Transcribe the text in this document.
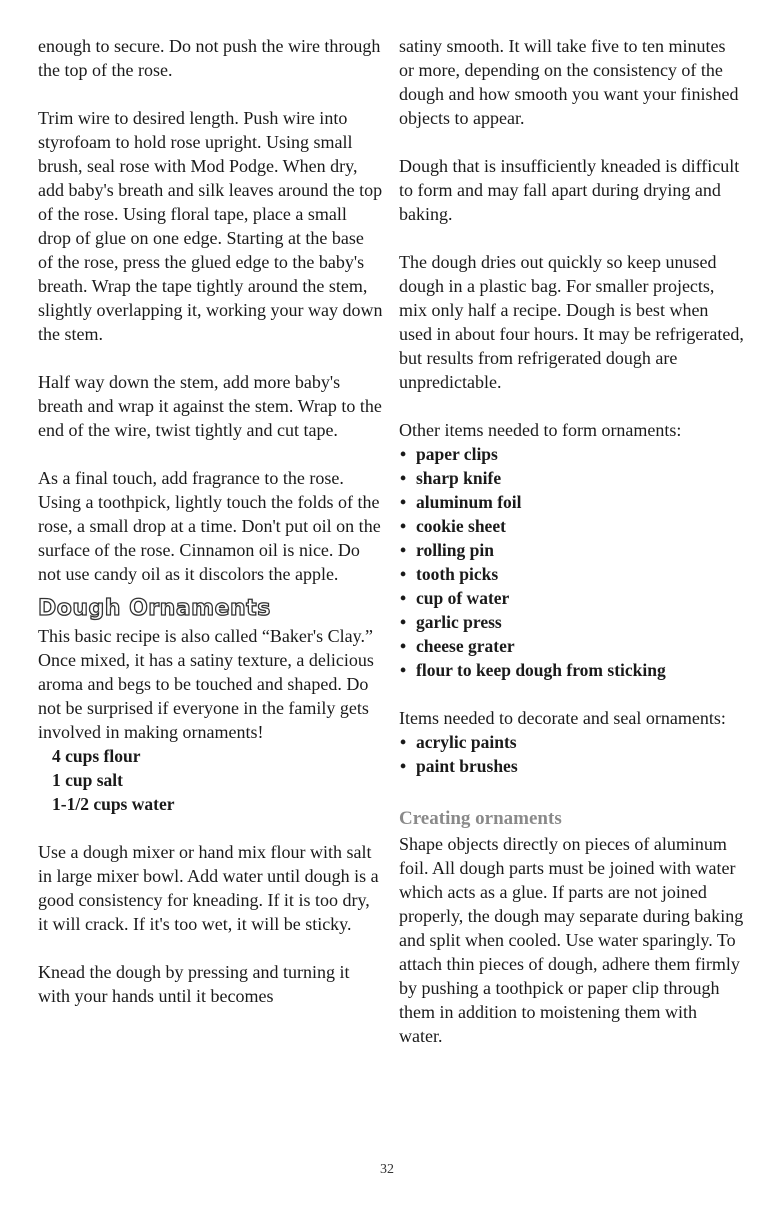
enough to secure. Do not push the wire through the top of the rose.

Trim wire to desired length. Push wire into styrofoam to hold rose upright. Using small brush, seal rose with Mod Podge. When dry, add baby's breath and silk leaves around the top of the rose. Using floral tape, place a small drop of glue on one edge. Starting at the base of the rose, press the glued edge to the baby's breath. Wrap the tape tightly around the stem, slightly overlapping it, working your way down the stem.

Half way down the stem, add more baby's breath and wrap it against the stem. Wrap to the end of the wire, twist tightly and cut tape.

As a final touch, add fragrance to the rose. Using a toothpick, lightly touch the folds of the rose, a small drop at a time. Don't put oil on the surface of the rose. Cinnamon oil is nice. Do not use candy oil as it discolors the apple.

Dough Ornaments

This basic recipe is also called “Baker's Clay.” Once mixed, it has a satiny texture, a delicious aroma and begs to be touched and shaped. Do not be surprised if everyone in the family gets involved in making ornaments!

4 cups flour
1 cup salt
1-1/2 cups water

Use a dough mixer or hand mix flour with salt in large mixer bowl. Add water until dough is a good consistency for kneading. If it is too dry, it will crack. If it's too wet, it will be sticky.

Knead the dough by pressing and turning it with your hands until it becomes

satiny smooth. It will take five to ten minutes or more, depending on the consistency of the dough and how smooth you want your finished objects to appear.

Dough that is insufficiently kneaded is difficult to form and may fall apart during drying and baking.

The dough dries out quickly so keep unused dough in a plastic bag. For smaller projects, mix only half a recipe. Dough is best when used in about four hours. It may be refrigerated, but results from refrigerated dough are unpredictable.

Other items needed to form ornaments:

• paper clips
• sharp knife
• aluminum foil
• cookie sheet
• rolling pin
• tooth picks
• cup of water
• garlic press
• cheese grater
• flour to keep dough from sticking

Items needed to decorate and seal ornaments:

• acrylic paints
• paint brushes
Creating ornaments

Shape objects directly on pieces of aluminum foil. All dough parts must be joined with water which acts as a glue. If parts are not joined properly, the dough may separate during baking and split when cooled. Use water sparingly. To attach thin pieces of dough, adhere them firmly by pushing a toothpick or paper clip through them in addition to moistening them with water.

32
